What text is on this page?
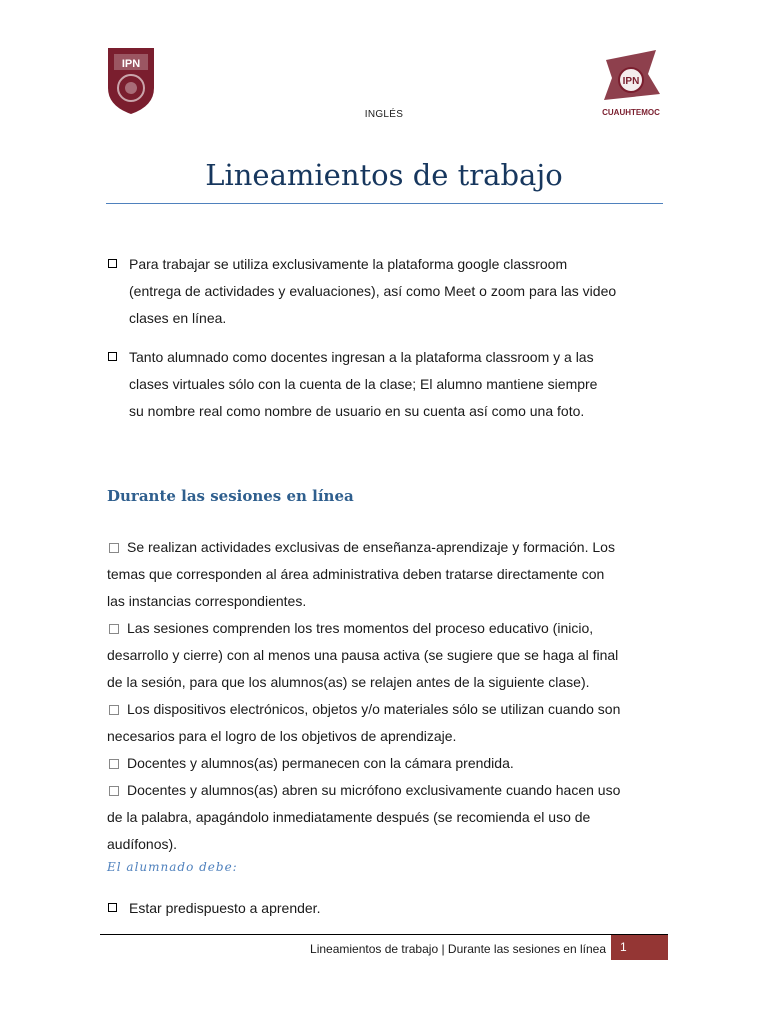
IPN
IPN
CUAUHTEMOC
INGLÉS
Lineamientos de trabajo
Para trabajar se utiliza exclusivamente la plataforma google classroom
(entrega de actividades y evaluaciones), así como Meet o zoom para las video
clases en línea.
Tanto alumnado como docentes ingresan a la plataforma classroom y a las
clases virtuales sólo con la cuenta de la clase; El alumno mantiene siempre
su nombre real como nombre de usuario en su cuenta así como una foto.
Durante las sesiones en línea
Se realizan actividades exclusivas de enseñanza-aprendizaje y formación. Los
temas que corresponden al área administrativa deben tratarse directamente con
las instancias correspondientes.
Las sesiones comprenden los tres momentos del proceso educativo (inicio,
desarrollo y cierre) con al menos una pausa activa (se sugiere que se haga al final
de la sesión, para que los alumnos(as) se relajen antes de la siguiente clase).
Los dispositivos electrónicos, objetos y/o materiales sólo se utilizan cuando son
necesarios para el logro de los objetivos de aprendizaje.
Docentes y alumnos(as) permanecen con la cámara prendida.
Docentes y alumnos(as) abren su micrófono exclusivamente cuando hacen uso
de la palabra, apagándolo inmediatamente después (se recomienda el uso de
audífonos).
El alumnado debe:
Estar predispuesto a aprender.
Lineamientos de trabajo | Durante las sesiones en línea	1
